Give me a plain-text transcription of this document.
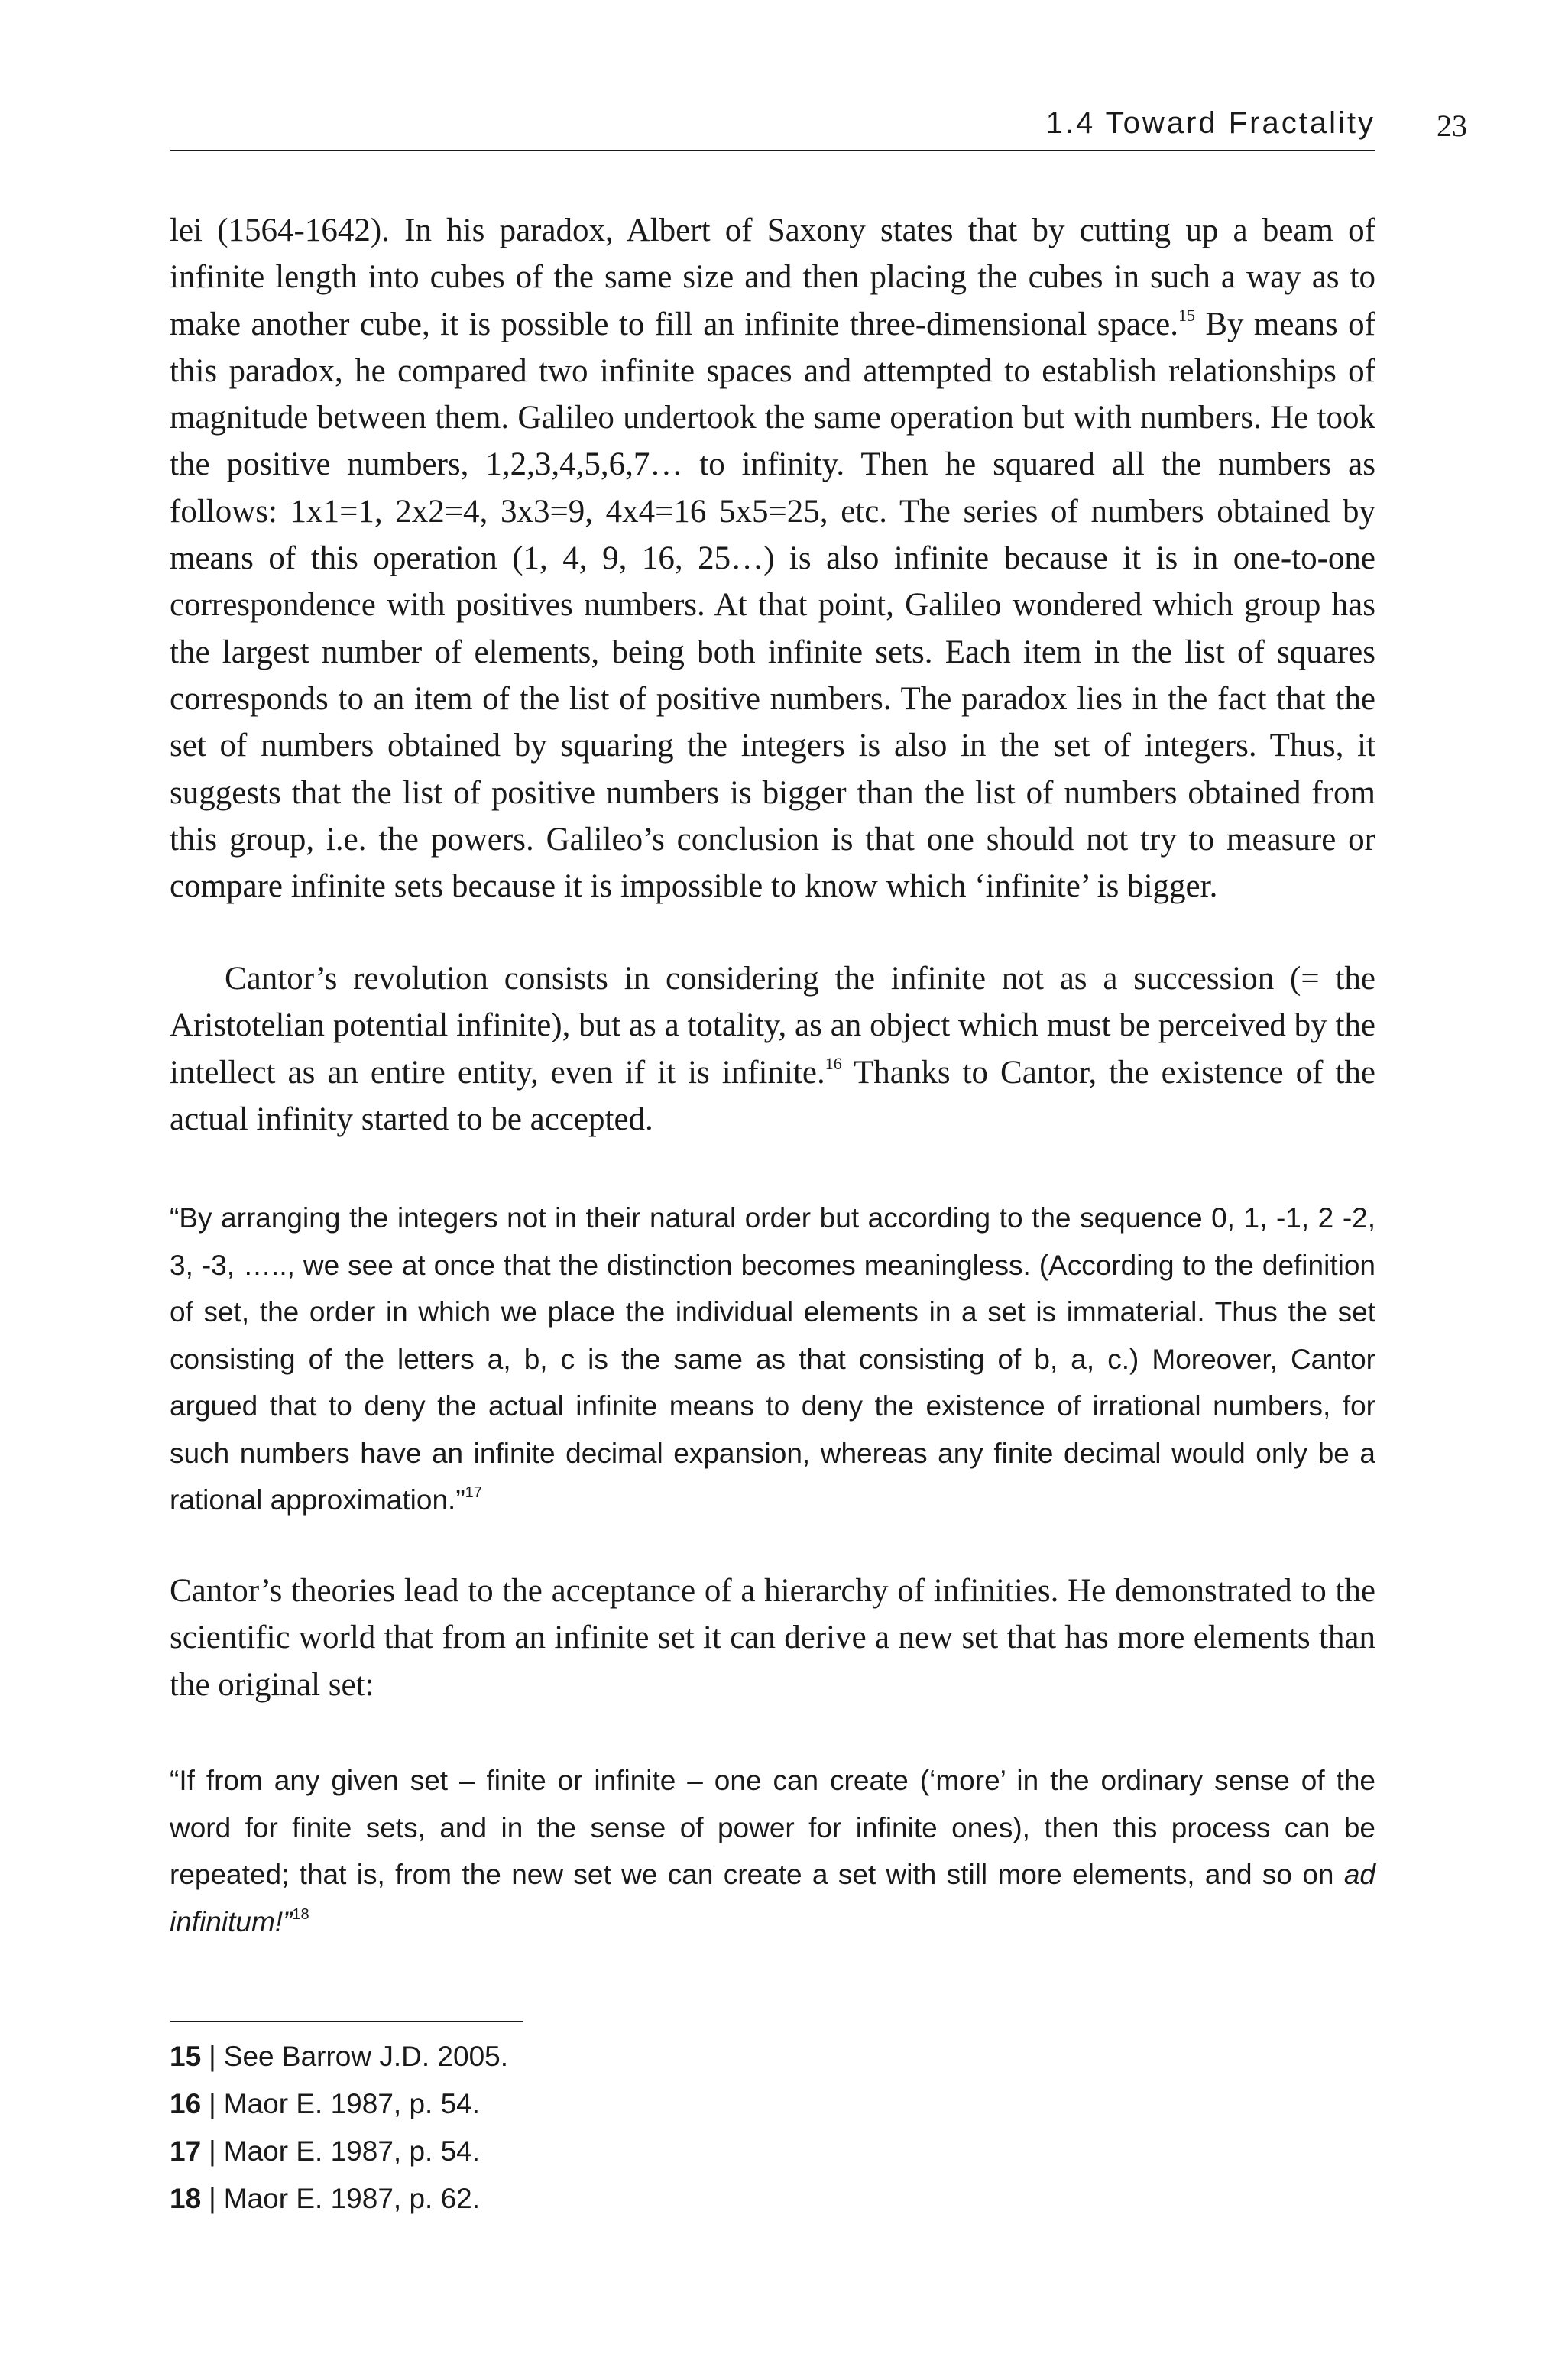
1.4 Toward Fractality 23

lei (1564-1642). In his paradox, Albert of Saxony states that by cutting up a beam of infinite length into cubes of the same size and then placing the cubes in such a way as to make another cube, it is possible to fill an infinite three-dimensional space.$^{15}$ By means of this paradox, he compared two infinite spaces and attempted to establish relationships of magnitude between them. Galileo undertook the same operation but with numbers. He took the positive numbers, 1,2,3,4,5,6,7… to infinity. Then he squared all the numbers as follows: 1x1=1, 2x2=4, 3x3=9, 4x4=16 5x5=25, etc. The series of numbers obtained by means of this operation (1, 4, 9, 16, 25…) is also infinite because it is in one-to-one correspondence with positives numbers. At that point, Galileo wondered which group has the largest number of elements, being both infinite sets. Each item in the list of squares corresponds to an item of the list of positive numbers. The paradox lies in the fact that the set of numbers obtained by squaring the integers is also in the set of integers. Thus, it suggests that the list of positive numbers is bigger than the list of numbers obtained from this group, i.e. the powers. Galileo’s conclusion is that one should not try to measure or compare infinite sets because it is impossible to know which ‘infinite’ is bigger.

Cantor’s revolution consists in considering the infinite not as a succession (= the Aristotelian potential infinite), but as a totality, as an object which must be perceived by the intellect as an entire entity, even if it is infinite.$^{16}$ Thanks to Cantor, the existence of the actual infinity started to be accepted.

“By arranging the integers not in their natural order but according to the sequence 0, 1, -1, 2 -2, 3, -3, ….., we see at once that the distinction becomes meaningless. (According to the definition of set, the order in which we place the individual elements in a set is immaterial. Thus the set consisting of the letters a, b, c is the same as that consisting of b, a, c.) Moreover, Cantor argued that to deny the actual infinite means to deny the existence of irrational numbers, for such numbers have an infinite decimal expansion, whereas any finite decimal would only be a rational approximation.”$^{17}$

Cantor’s theories lead to the acceptance of a hierarchy of infinities. He demonstrated to the scientific world that from an infinite set it can derive a new set that has more elements than the original set:

“If from any given set – finite or infinite – one can create (‘more’ in the ordinary sense of the word for finite sets, and in the sense of power for infinite ones), then this process can be repeated; that is, from the new set we can create a set with still more elements, and so on ad infinitum!”$^{18}$

15 | See Barrow J.D. 2005.
16 | Maor E. 1987, p. 54.
17 | Maor E. 1987, p. 54.
18 | Maor E. 1987, p. 62.
